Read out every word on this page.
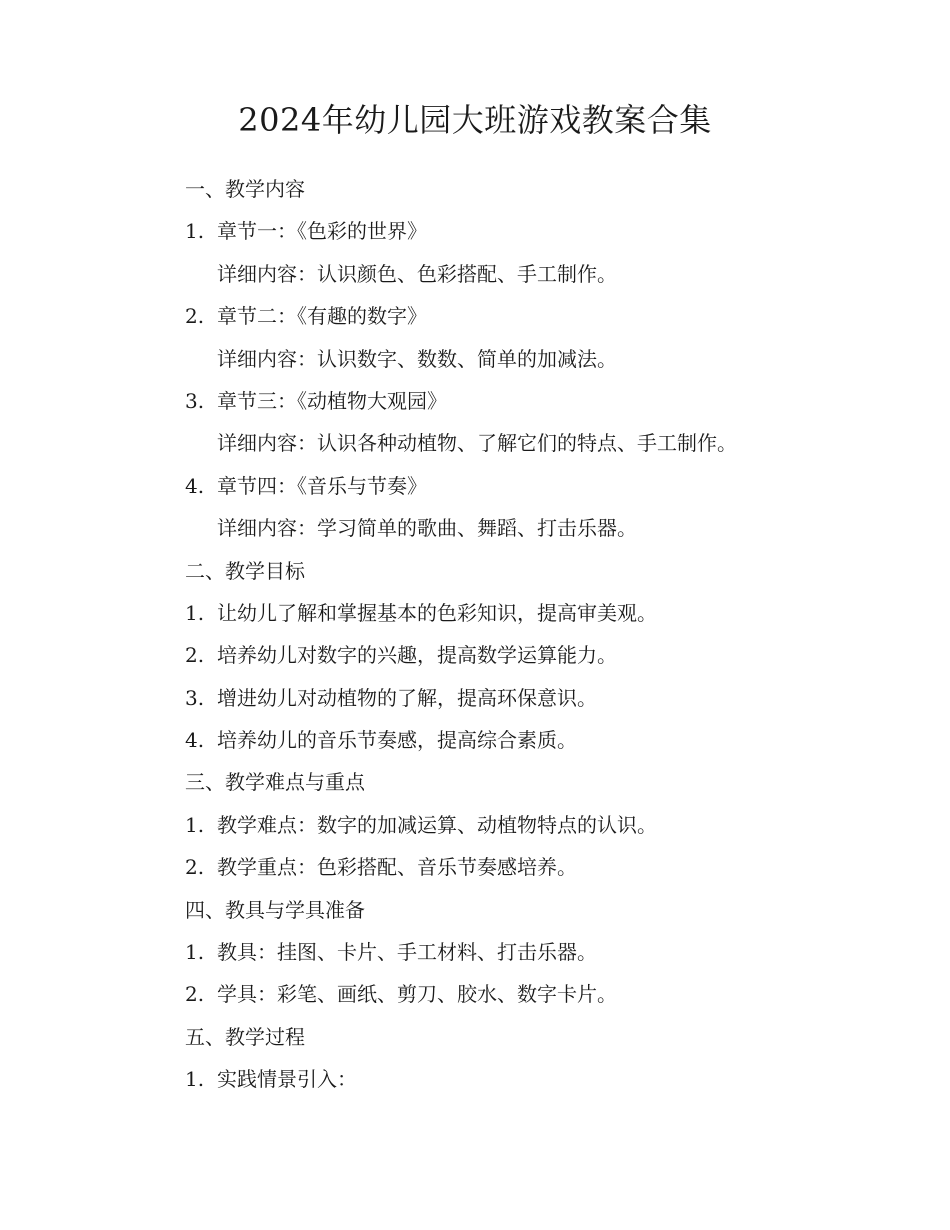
2024年幼儿园大班游戏教案合集
一、教学内容
1. 章节一：《色彩的世界》
详细内容：认识颜色、色彩搭配、手工制作。
2. 章节二：《有趣的数字》
详细内容：认识数字、数数、简单的加减法。
3. 章节三：《动植物大观园》
详细内容：认识各种动植物、了解它们的特点、手工制作。
4. 章节四：《音乐与节奏》
详细内容：学习简单的歌曲、舞蹈、打击乐器。
二、教学目标
1. 让幼儿了解和掌握基本的色彩知识，提高审美观。
2. 培养幼儿对数字的兴趣，提高数学运算能力。
3. 增进幼儿对动植物的了解，提高环保意识。
4. 培养幼儿的音乐节奏感，提高综合素质。
三、教学难点与重点
1. 教学难点：数字的加减运算、动植物特点的认识。
2. 教学重点：色彩搭配、音乐节奏感培养。
四、教具与学具准备
1. 教具：挂图、卡片、手工材料、打击乐器。
2. 学具：彩笔、画纸、剪刀、胶水、数字卡片。
五、教学过程
1. 实践情景引入：
